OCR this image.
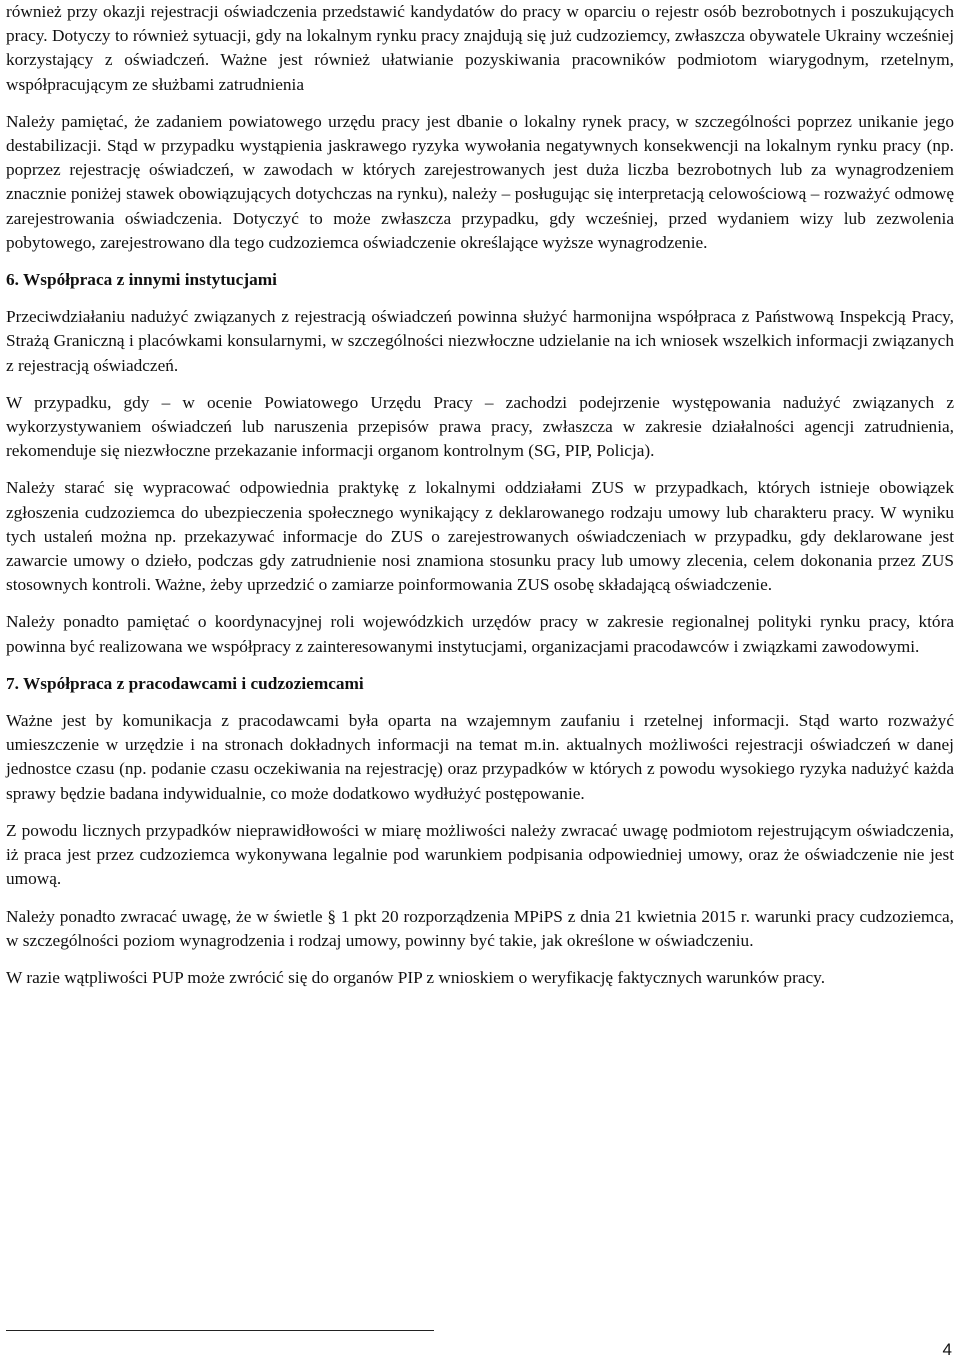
również przy okazji rejestracji oświadczenia przedstawić kandydatów do pracy w oparciu o rejestr osób bezrobotnych i poszukujących pracy. Dotyczy to również sytuacji, gdy na lokalnym rynku pracy znajdują się już cudzoziemcy, zwłaszcza obywatele Ukrainy wcześniej korzystający z oświadczeń. Ważne jest również ułatwianie pozyskiwania pracowników podmiotom wiarygodnym, rzetelnym, współpracującym ze służbami zatrudnienia

Należy pamiętać, że zadaniem powiatowego urzędu pracy jest dbanie o lokalny rynek pracy, w szczególności poprzez unikanie jego destabilizacji. Stąd w przypadku wystąpienia jaskrawego ryzyka wywołania negatywnych konsekwencji na lokalnym rynku pracy (np. poprzez rejestrację oświadczeń, w zawodach w których zarejestrowanych jest duża liczba bezrobotnych lub za wynagrodzeniem znacznie poniżej stawek obowiązujących dotychczas na rynku), należy – posługując się interpretacją celowościową – rozważyć odmowę zarejestrowania oświadczenia. Dotyczyć to może zwłaszcza przypadku, gdy wcześniej, przed wydaniem wizy lub zezwolenia pobytowego, zarejestrowano dla tego cudzoziemca oświadczenie określające wyższe wynagrodzenie.

6. Współpraca z innymi instytucjami

Przeciwdziałaniu nadużyć związanych z rejestracją oświadczeń powinna służyć harmonijna współpraca z Państwową Inspekcją Pracy, Strażą Graniczną i placówkami konsularnymi, w szczególności niezwłoczne udzielanie na ich wniosek wszelkich informacji związanych z rejestracją oświadczeń.

W przypadku, gdy – w ocenie Powiatowego Urzędu Pracy – zachodzi podejrzenie występowania nadużyć związanych z wykorzystywaniem oświadczeń lub naruszenia przepisów prawa pracy, zwłaszcza w zakresie działalności agencji zatrudnienia, rekomenduje się niezwłoczne przekazanie informacji organom kontrolnym (SG, PIP, Policja).

Należy starać się wypracować odpowiednia praktykę z lokalnymi oddziałami ZUS w przypadkach, których istnieje obowiązek zgłoszenia cudzoziemca do ubezpieczenia społecznego wynikający z deklarowanego rodzaju umowy lub charakteru pracy. W wyniku tych ustaleń można np. przekazywać informacje do ZUS o zarejestrowanych oświadczeniach w przypadku, gdy deklarowane jest zawarcie umowy o dzieło, podczas gdy zatrudnienie nosi znamiona stosunku pracy lub umowy zlecenia, celem dokonania przez ZUS stosownych kontroli. Ważne, żeby uprzedzić o zamiarze poinformowania ZUS osobę składającą oświadczenie.

Należy ponadto pamiętać o koordynacyjnej roli wojewódzkich urzędów pracy w zakresie regionalnej polityki rynku pracy, która powinna być realizowana we współpracy z zainteresowanymi instytucjami, organizacjami pracodawców i związkami zawodowymi.

7. Współpraca z pracodawcami i cudzoziemcami

Ważne jest by komunikacja z pracodawcami była oparta na wzajemnym zaufaniu i rzetelnej informacji. Stąd warto rozważyć umieszczenie w urzędzie i na stronach dokładnych informacji na temat m.in. aktualnych możliwości rejestracji oświadczeń w danej jednostce czasu (np. podanie czasu oczekiwania na rejestrację) oraz przypadków w których z powodu wysokiego ryzyka nadużyć każda sprawy będzie badana indywidualnie, co może dodatkowo wydłużyć postępowanie.

Z powodu licznych przypadków nieprawidłowości w miarę możliwości należy zwracać uwagę podmiotom rejestrującym oświadczenia, iż praca jest przez cudzoziemca wykonywana legalnie pod warunkiem podpisania odpowiedniej umowy, oraz że oświadczenie nie jest umową.

Należy ponadto zwracać uwagę, że w świetle § 1 pkt 20 rozporządzenia MPiPS z dnia 21 kwietnia 2015 r. warunki pracy cudzoziemca, w szczególności poziom wynagrodzenia i rodzaj umowy, powinny być takie, jak określone w oświadczeniu.

W razie wątpliwości PUP może zwrócić się do organów PIP z wnioskiem o weryfikację faktycznych warunków pracy.

4
